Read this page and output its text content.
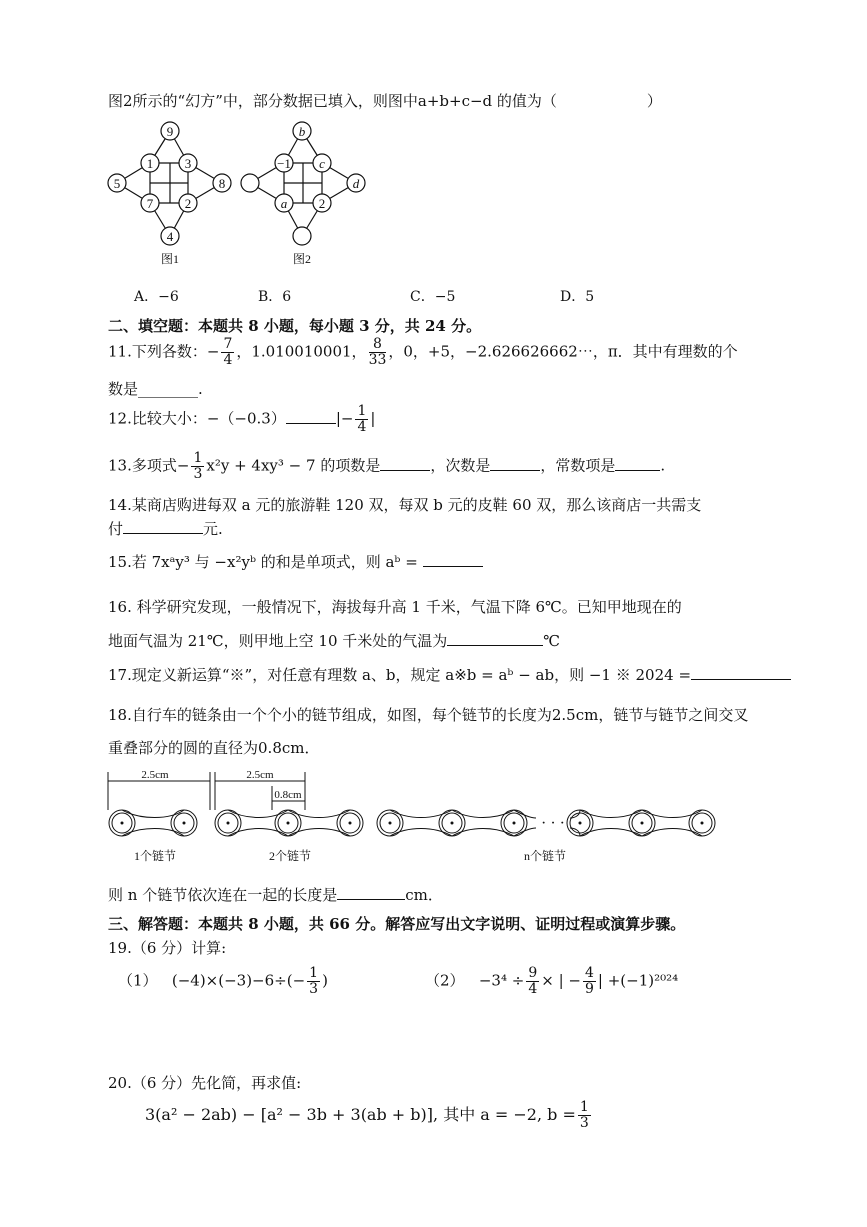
图2所示的“幻方”中，部分数据已填入，则图中a+b+c−d 的值为（　　　　　　）
9
1 3
5	8
7 2
4
图1
b
−1 c
d
a 2
图2
A．−6	B．6	C．−5	D．5
二、填空题：本题共 8 小题，每小题 3 分，共 24 分。
11.下列各数：− $\frac{7}{4}$ ，1.010010001， $\frac{8}{33}$ ，0，+5，−2.626626662⋯，π．其中有理数的个
数是________.
12.比较大小：−（−0.3）	|− $\frac{1}{4}$ |
13.多项式− $\frac{1}{3} x^2y + 4xy^3 - 7$ 的项数是	，次数是	，常数项是	.
14.某商店购进每双 a 元的旅游鞋 120 双，每双 b 元的皮鞋 60 双，那么该商店一共需支
付	元.
15.若 7xᵃy³ 与 −x²yᵇ 的和是单项式，则 aᵇ =
16. 科学研究发现，一般情况下，海拔每升高 1 千米，气温下降 6℃。已知甲地现在的
地面气温为 21℃，则甲地上空 10 千米处的气温为	℃
17.现定义新运算“※”，对任意有理数 a、b，规定 a※b = aᵇ − ab，则 −1 ※ 2024 =
18.自行车的链条由一个个小的链节组成，如图，每个链节的长度为2.5cm，链节与链节之间交叉
重叠部分的圆的直径为0.8cm．
2.5cm	2.5cm
0.8cm
· · ·
1个链节	2个链节	n个链节
则 n 个链节依次连在一起的长度是	cm．
三、解答题：本题共 8 小题，共 66 分。解答应写出文字说明、证明过程或演算步骤。
19.（6 分）计算:
（1） $(-4)\times(-3)-6\div(- \frac{1}{3}$ )	$(2) -3^4 \div \frac{9}{4}$ × | − $\frac{4}{9}$ | +(−1)²⁰²⁴
20.（6 分）先化简，再求值:
3(a² − 2ab) − [a² − 3b + 3(ab + b)], 其中 a = −2, $b = \frac{1}{3}$
